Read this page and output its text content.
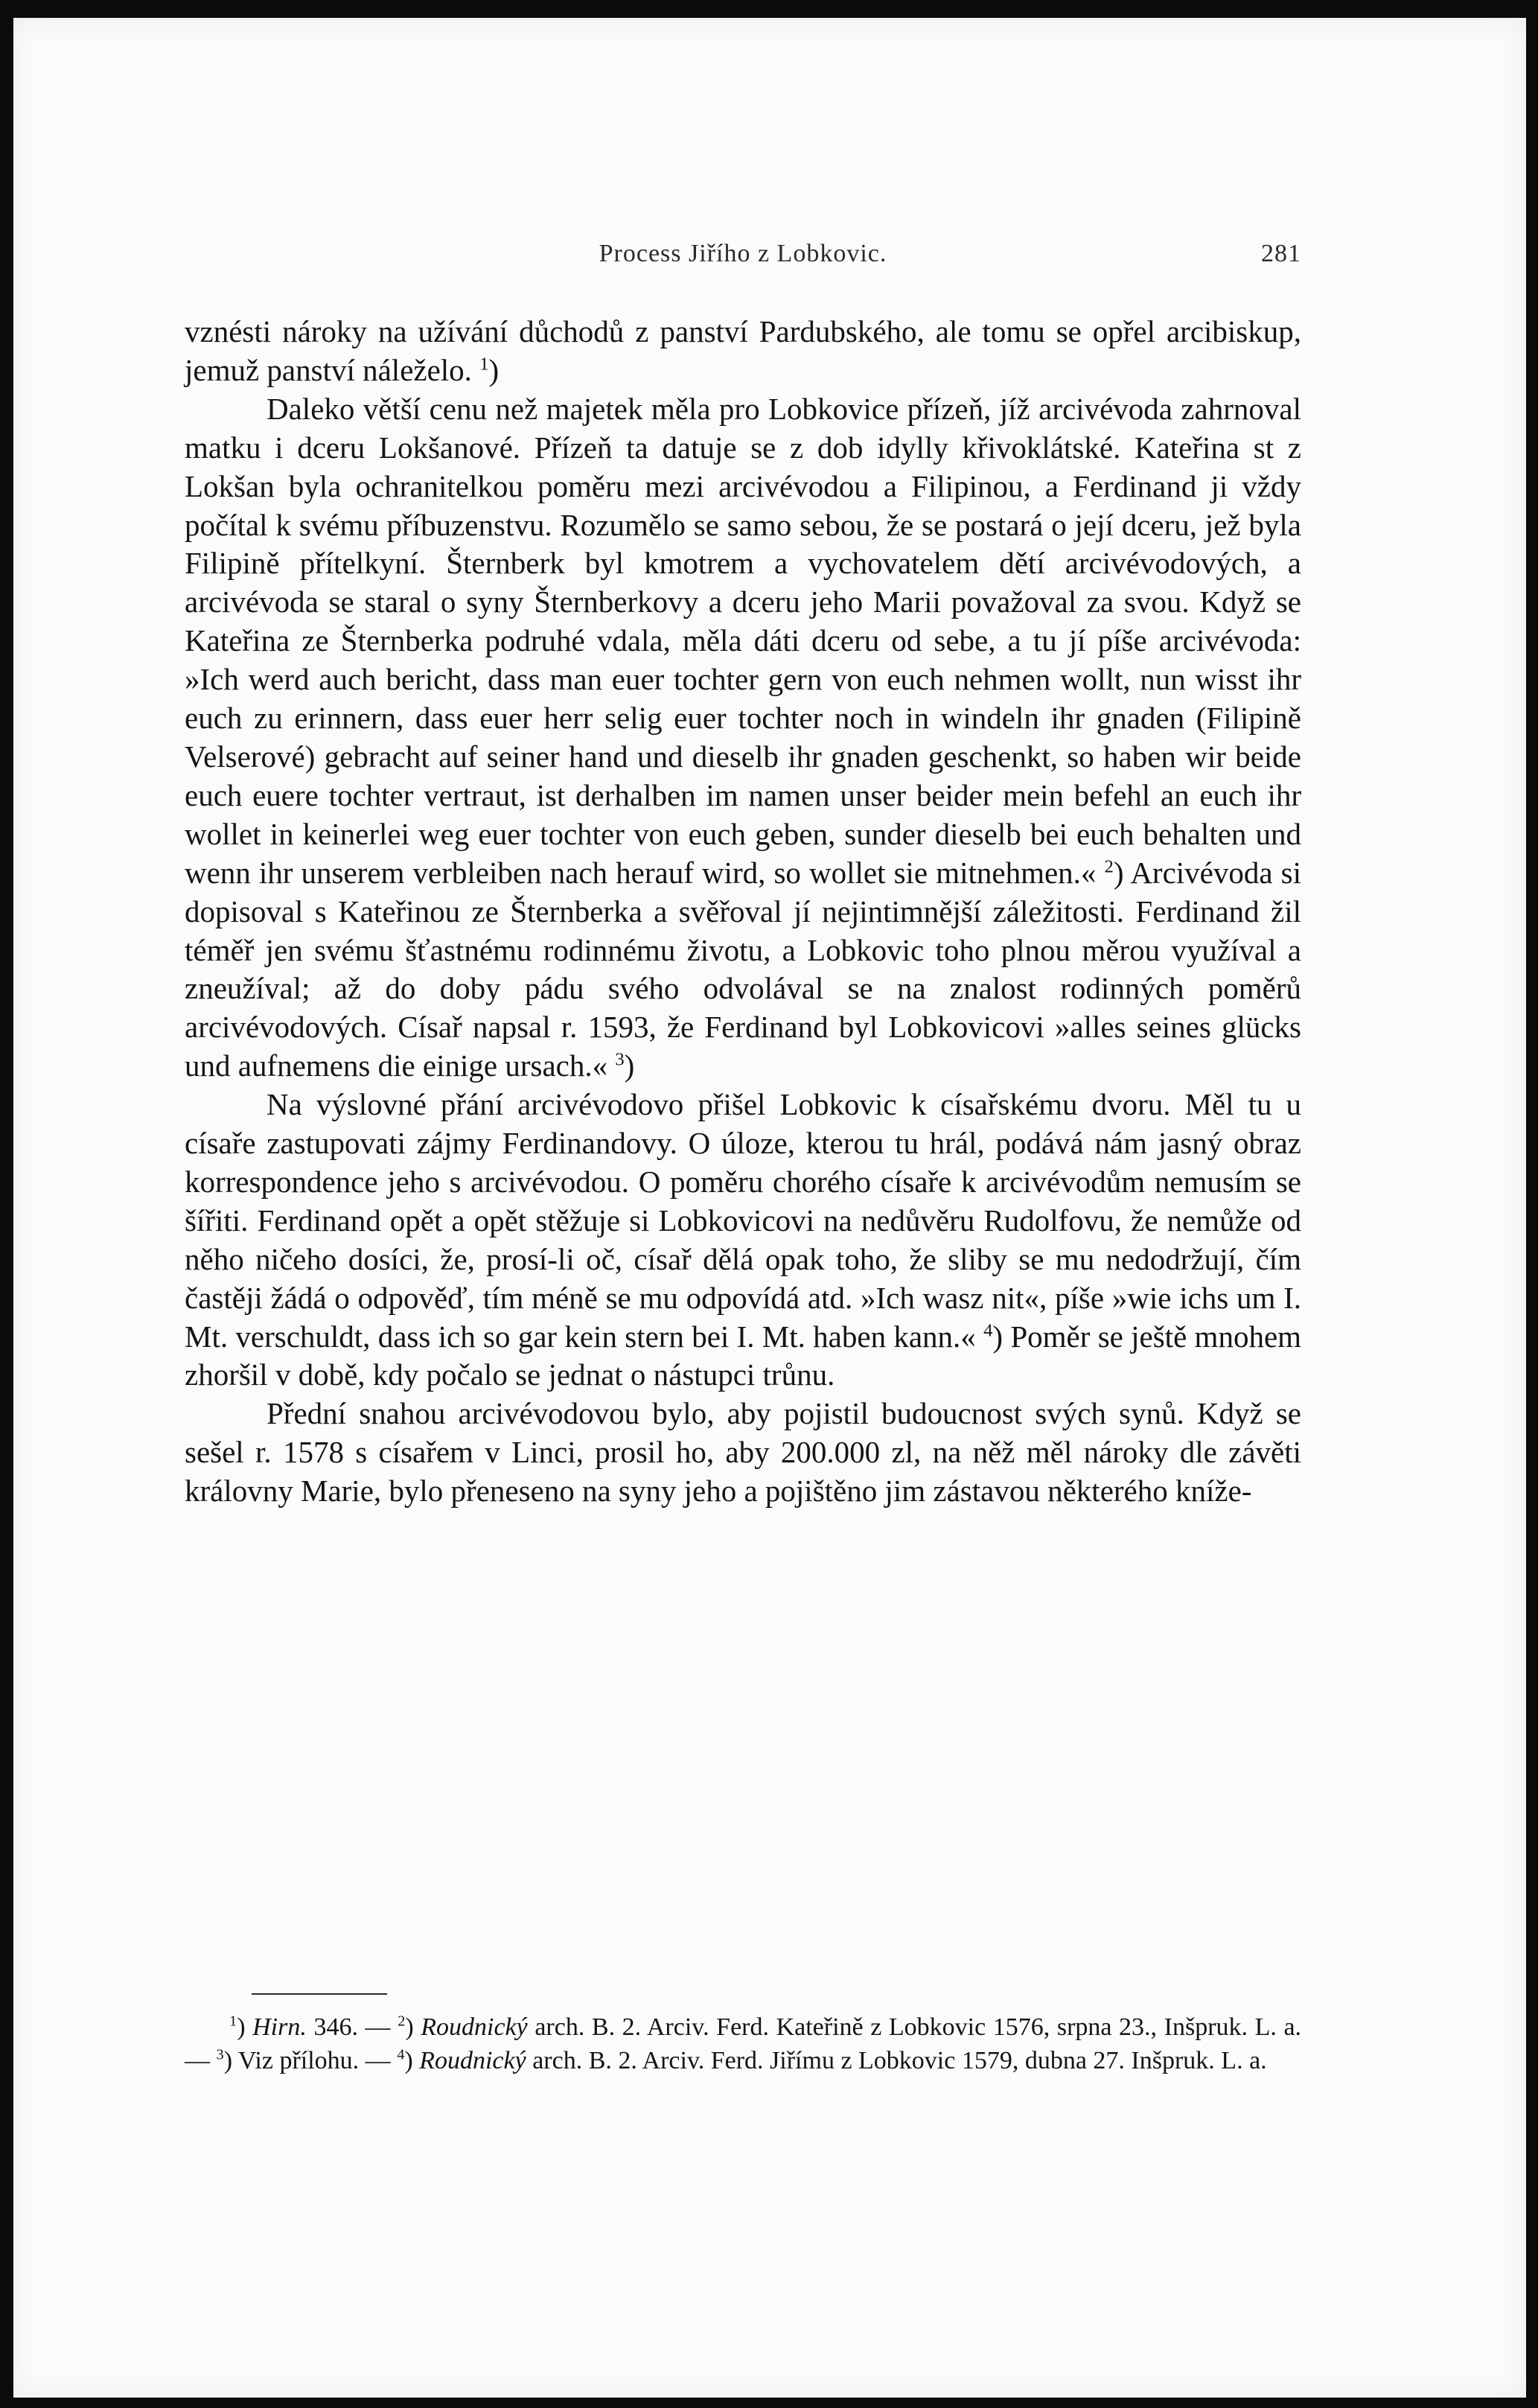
Process Jiřího z Lobkovic.	281

vznésti nároky na užívání důchodů z panství Pardubského, ale tomu se opřel arcibiskup, jemuž panství náleželo. $^1$)

Daleko větší cenu než majetek měla pro Lobkovice přízeň, jíž arcivévoda zahrnoval matku i dceru Lokšanové. Přízeň ta datuje se z dob idylly křivoklátské. Kateřina st z Lokšan byla ochranitelkou poměru mezi arcivévodou a Filipinou, a Ferdinand ji vždy počítal k svému příbuzenstvu. Rozumělo se samo sebou, že se postará o její dceru, jež byla Filipině přítelkyní. Šternberk byl kmotrem a vychovatelem dětí arcivévodových, a arcivévoda se staral o syny Šternberkovy a dceru jeho Marii považoval za svou. Když se Kateřina ze Šternberka podruhé vdala, měla dáti dceru od sebe, a tu jí píše arcivévoda: »Ich werd auch bericht, dass man euer tochter gern von euch nehmen wollt, nun wisst ihr euch zu erinnern, dass euer herr selig euer tochter noch in windeln ihr gnaden (Filipině Velserové) gebracht auf seiner hand und dieselb ihr gnaden geschenkt, so haben wir beide euch euere tochter vertraut, ist derhalben im namen unser beider mein befehl an euch ihr wollet in keinerlei weg euer tochter von euch geben, sunder dieselb bei euch behalten und wenn ihr unserem verbleiben nach herauf wird, so wollet sie mitnehmen.« $^2$) Arcivévoda si dopisoval s Kateřinou ze Šternberka a svěřoval jí nejintimnější záležitosti. Ferdinand žil téměř jen svému šťastnému rodinnému životu, a Lobkovic toho plnou měrou využíval a zneužíval; až do doby pádu svého odvolával se na znalost rodinných poměrů arcivévodových. Císař napsal r. 1593, že Ferdinand byl Lobkovicovi »alles seines glücks und aufnemens die einige ursach.« $^3$)

Na výslovné přání arcivévodovo přišel Lobkovic k císařskému dvoru. Měl tu u císaře zastupovati zájmy Ferdinandovy. O úloze, kterou tu hrál, podává nám jasný obraz korrespondence jeho s arcivévodou. O poměru chorého císaře k arcivévodům nemusím se šířiti. Ferdinand opět a opět stěžuje si Lobkovicovi na nedůvěru Rudolfovu, že nemůže od něho ničeho dosíci, že, prosí-li oč, císař dělá opak toho, že sliby se mu nedodržují, čím častěji žádá o odpověď, tím méně se mu odpovídá atd. »Ich wasz nit«, píše »wie ichs um I. Mt. verschuldt, dass ich so gar kein stern bei I. Mt. haben kann.« $^4$) Poměr se ještě mnohem zhoršil v době, kdy počalo se jednat o nástupci trůnu.

Přední snahou arcivévodovou bylo, aby pojistil budoucnost svých synů. Když se sešel r. 1578 s císařem v Linci, prosil ho, aby 200.000 zl, na něž měl nároky dle závěti královny Marie, bylo přeneseno na syny jeho a pojištěno jim zástavou některého kníže-

$^1$) Hirn. 346. — $^2$) Roudnický arch. B. 2. Arciv. Ferd. Kateřině z Lobkovic 1576, srpna 23., Inšpruk. L. a. — $^3$) Viz přílohu. — $^4$) Roudnický arch. B. 2. Arciv. Ferd. Jiřímu z Lobkovic 1579, dubna 27. Inšpruk. L. a.
